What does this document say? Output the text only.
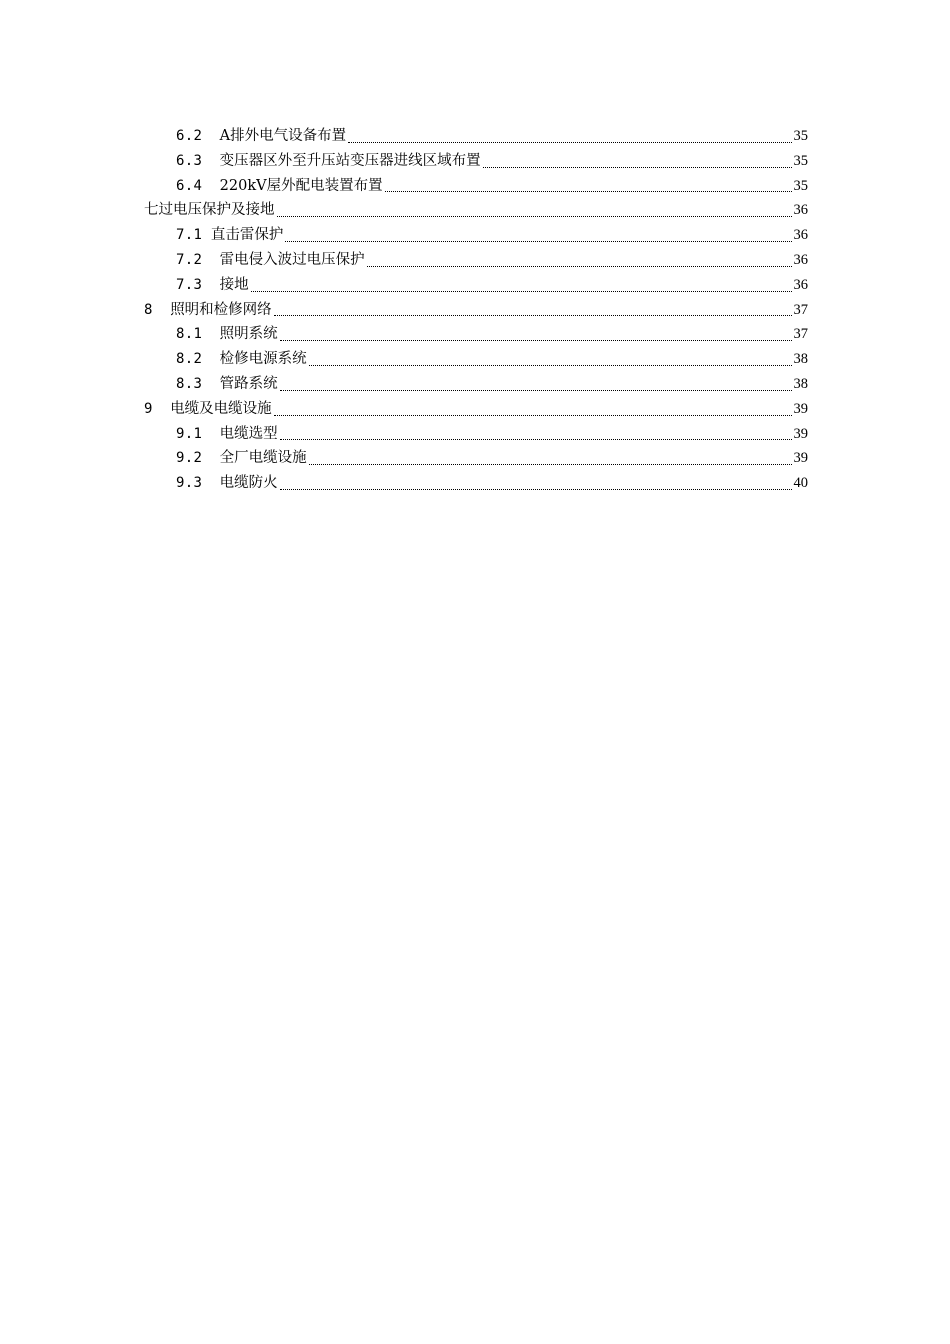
6.2 A排外电气设备布置	35
6.3 变压器区外至升压站变压器进线区域布置	35
6.4 220kV屋外配电装置布置	35
七过电压保护及接地	36
7.1 直击雷保护	36
7.2 雷电侵入波过电压保护	36
7.3 接地	36
8 照明和检修网络	37
8.1 照明系统	37
8.2 检修电源系统	38
8.3 管路系统	38
9 电缆及电缆设施	39
9.1 电缆选型	39
9.2 全厂电缆设施	39
9.3 电缆防火	40
